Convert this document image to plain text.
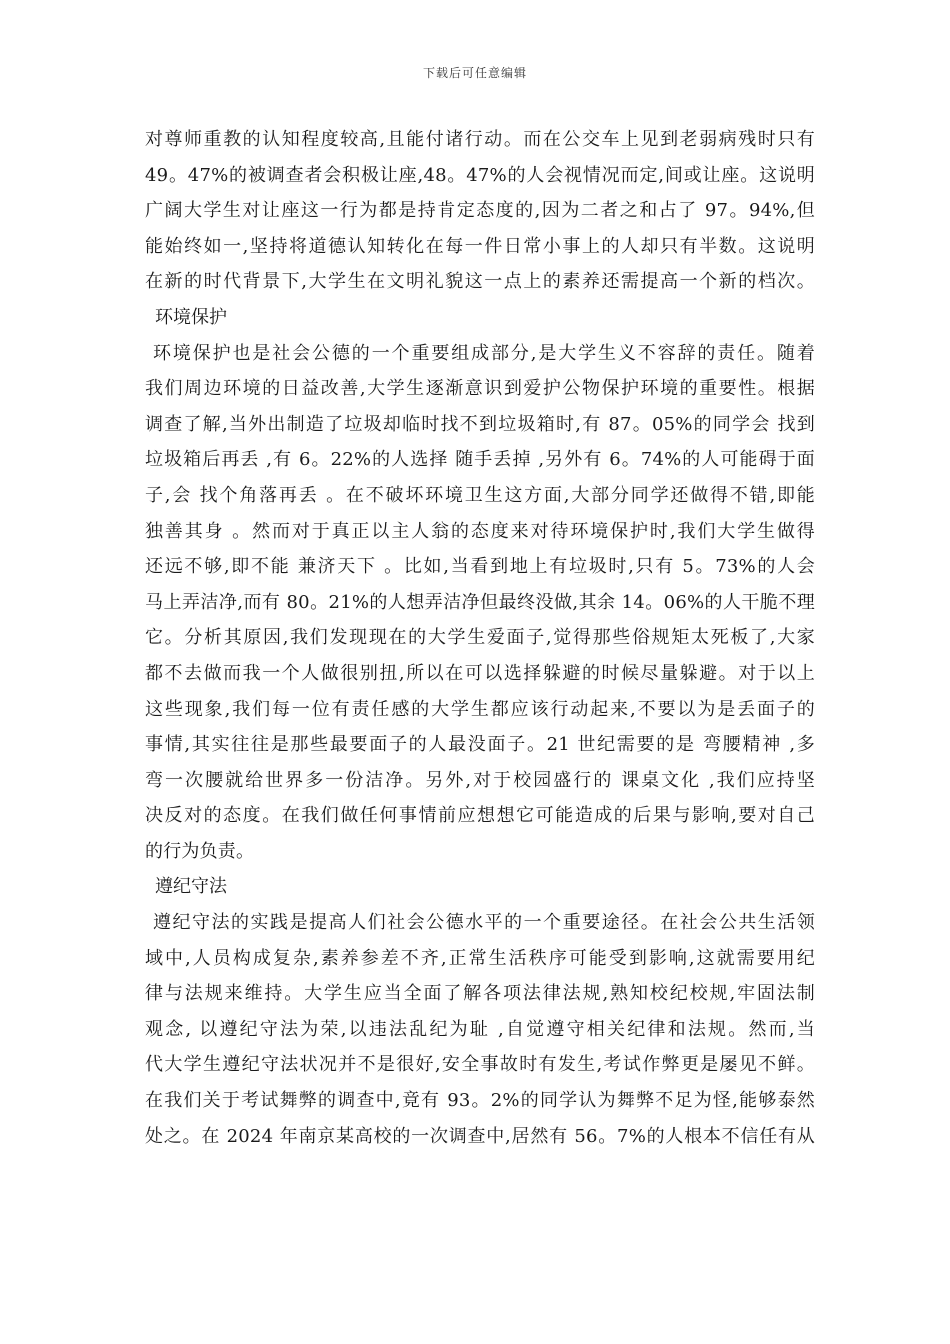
下载后可任意编辑
对尊师重教的认知程度较高,且能付诸行动。而在公交车上见到老弱病残时只有
49。47%的被调查者会积极让座,48。47%的人会视情况而定,间或让座。这说明
广阔大学生对让座这一行为都是持肯定态度的,因为二者之和占了 97。94%,但
能始终如一,坚持将道德认知转化在每一件日常小事上的人却只有半数。这说明
在新的时代背景下,大学生在文明礼貌这一点上的素养还需提高一个新的档次。
环境保护
环境保护也是社会公德的一个重要组成部分,是大学生义不容辞的责任。随着
我们周边环境的日益改善,大学生逐渐意识到爱护公物保护环境的重要性。根据
调查了解,当外出制造了垃圾却临时找不到垃圾箱时,有 87。05%的同学会 找到
垃圾箱后再丢 ,有 6。22%的人选择 随手丢掉 ,另外有 6。74%的人可能碍于面
子,会 找个角落再丢 。在不破坏环境卫生这方面,大部分同学还做得不错,即能
独善其身 。然而对于真正以主人翁的态度来对待环境保护时,我们大学生做得
还远不够,即不能 兼济天下 。比如,当看到地上有垃圾时,只有 5。73%的人会
马上弄洁净,而有 80。21%的人想弄洁净但最终没做,其余 14。06%的人干脆不理
它。分析其原因,我们发现现在的大学生爱面子,觉得那些俗规矩太死板了,大家
都不去做而我一个人做很别扭,所以在可以选择躲避的时候尽量躲避。对于以上
这些现象,我们每一位有责任感的大学生都应该行动起来,不要以为是丢面子的
事情,其实往往是那些最要面子的人最没面子。21 世纪需要的是 弯腰精神 ,多
弯一次腰就给世界多一份洁净。另外,对于校园盛行的 课桌文化 ,我们应持坚
决反对的态度。在我们做任何事情前应想想它可能造成的后果与影响,要对自己
的行为负责。
遵纪守法
遵纪守法的实践是提高人们社会公德水平的一个重要途径。在社会公共生活领
域中,人员构成复杂,素养参差不齐,正常生活秩序可能受到影响,这就需要用纪
律与法规来维持。大学生应当全面了解各项法律法规,熟知校纪校规,牢固法制
观念, 以遵纪守法为荣,以违法乱纪为耻 ,自觉遵守相关纪律和法规。然而,当
代大学生遵纪守法状况并不是很好,安全事故时有发生,考试作弊更是屡见不鲜。
在我们关于考试舞弊的调查中,竟有 93。2%的同学认为舞弊不足为怪,能够泰然
处之。在 2024 年南京某高校的一次调查中,居然有 56。7%的人根本不信任有从
